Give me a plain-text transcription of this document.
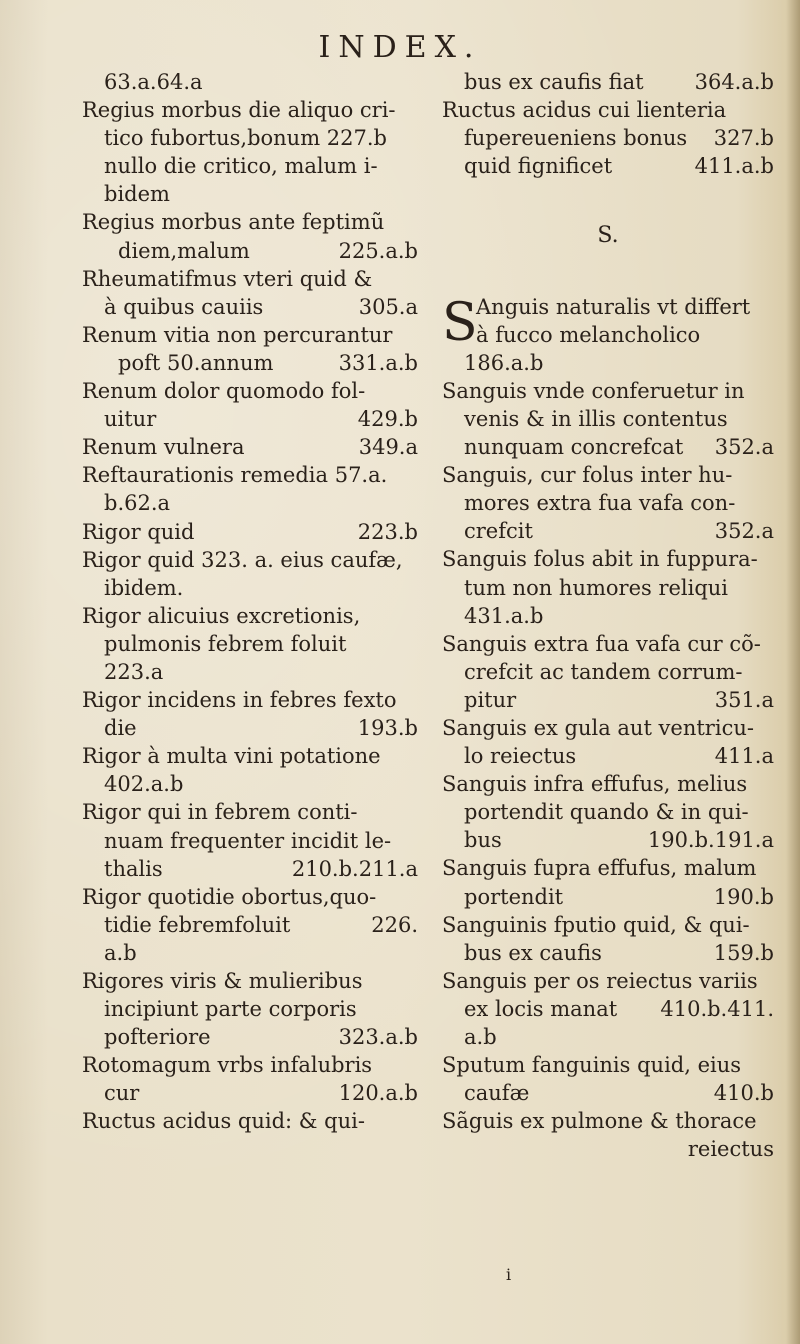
INDEX.
63.a.64.a
Regius morbus die aliquo cri-
tico fubortus,bonum 227.b
nullo die critico, malum i-
bidem
Regius morbus ante feptimũ
diem,malum	225.a.b
Rheumatifmus vteri quid &
à quibus cauiis	305.a
Renum vitia non percurantur
poft 50.annum	331.a.b
Renum dolor quomodo fol-
uitur	429.b
Renum vulnera	349.a
Reftaurationis remedia 57.a.
b.62.a
Rigor quid	223.b
Rigor quid 323. a. eius caufæ,
ibidem.
Rigor alicuius excretionis,
pulmonis febrem foluit
223.a
Rigor incidens in febres fexto
die	193.b
Rigor à multa vini potatione
402.a.b
Rigor qui in febrem conti-
nuam frequenter incidit le-
thalis	210.b.211.a
Rigor quotidie obortus,quo-
tidie febremfoluit	226.
a.b
Rigores viris & mulieribus
incipiunt parte corporis
pofteriore	323.a.b
Rotomagum vrbs infalubris
cur	120.a.b
Ructus acidus quid: & qui-
bus ex caufis fiat 364.a.b
Ructus acidus cui lienteria
fupereueniens bonus 327.b
quid fignificet	411.a.b
S.
S
Anguis naturalis vt differt
à fucco melancholico
186.a.b
Sanguis vnde conferuetur in
venis & in illis contentus
nunquam concrefcat 352.a
Sanguis, cur folus inter hu-
mores extra fua vafa con-
crefcit	352.a
Sanguis folus abit in fuppura-
tum non humores reliqui
431.a.b
Sanguis extra fua vafa cur cõ-
crefcit ac tandem corrum-
pitur	351.a
Sanguis ex gula aut ventricu-
lo reiectus	411.a
Sanguis infra effufus, melius
portendit quando & in qui-
bus	190.b.191.a
Sanguis fupra effufus, malum
portendit	190.b
Sanguinis fputio quid, & qui-
bus ex caufis	159.b
Sanguis per os reiectus variis
ex locis manat 410.b.411.
a.b
Sputum fanguinis quid, eius
caufæ	410.b
Sãguis ex pulmone & thorace
reiectus
i
